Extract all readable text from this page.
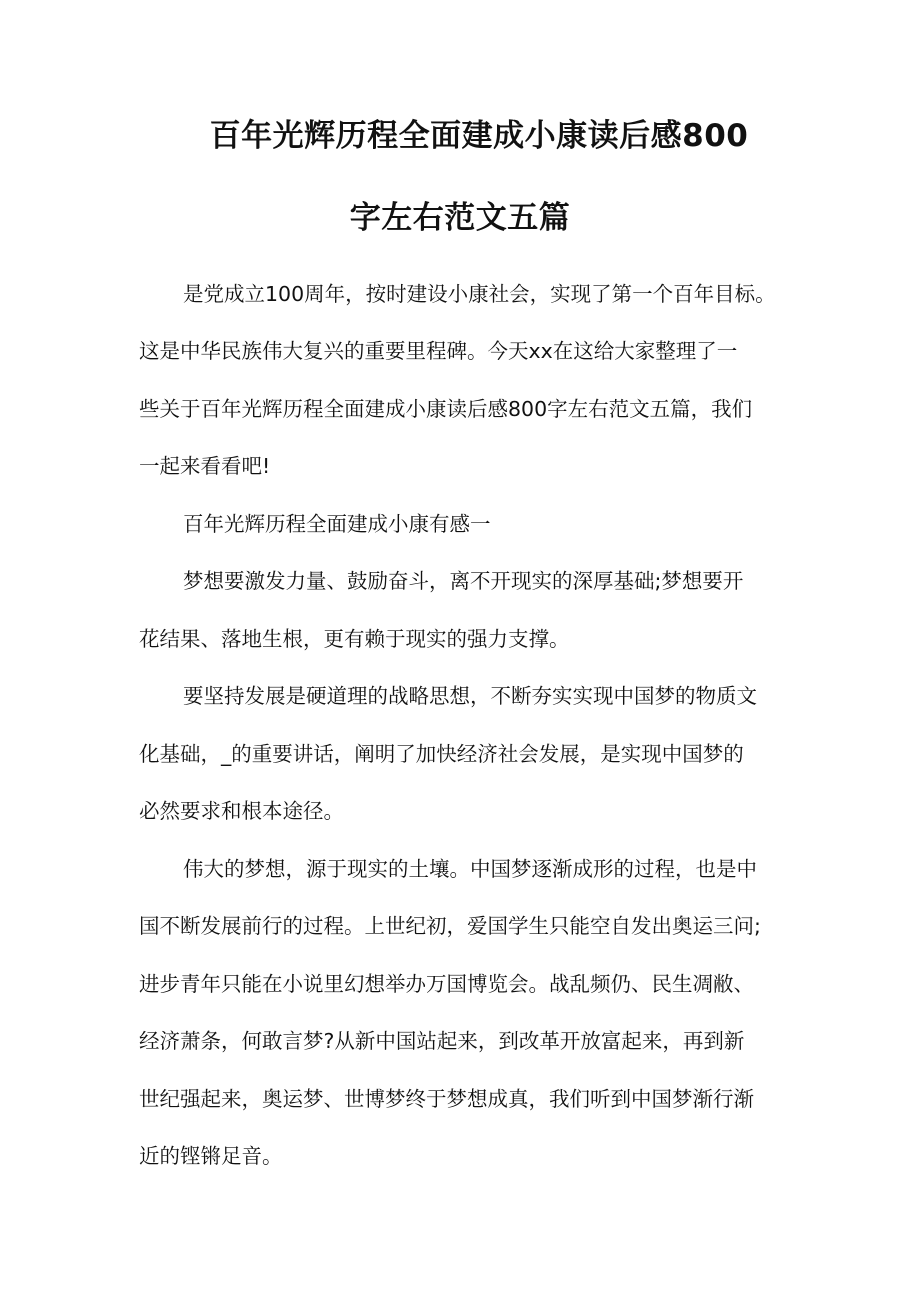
百年光辉历程全面建成小康读后感800
字左右范文五篇
是党成立100周年，按时建设小康社会，实现了第一个百年目标。
这是中华民族伟大复兴的重要里程碑。今天xx在这给大家整理了一
些关于百年光辉历程全面建成小康读后感800字左右范文五篇，我们
一起来看看吧!
百年光辉历程全面建成小康有感一
梦想要激发力量、鼓励奋斗，离不开现实的深厚基础;梦想要开
花结果、落地生根，更有赖于现实的强力支撑。
要坚持发展是硬道理的战略思想，不断夯实实现中国梦的物质文
化基础，_的重要讲话，阐明了加快经济社会发展，是实现中国梦的
必然要求和根本途径。
伟大的梦想，源于现实的土壤。中国梦逐渐成形的过程，也是中
国不断发展前行的过程。上世纪初，爱国学生只能空自发出奥运三问;
进步青年只能在小说里幻想举办万国博览会。战乱频仍、民生凋敝、
经济萧条，何敢言梦?从新中国站起来，到改革开放富起来，再到新
世纪强起来，奥运梦、世博梦终于梦想成真，我们听到中国梦渐行渐
近的铿锵足音。
